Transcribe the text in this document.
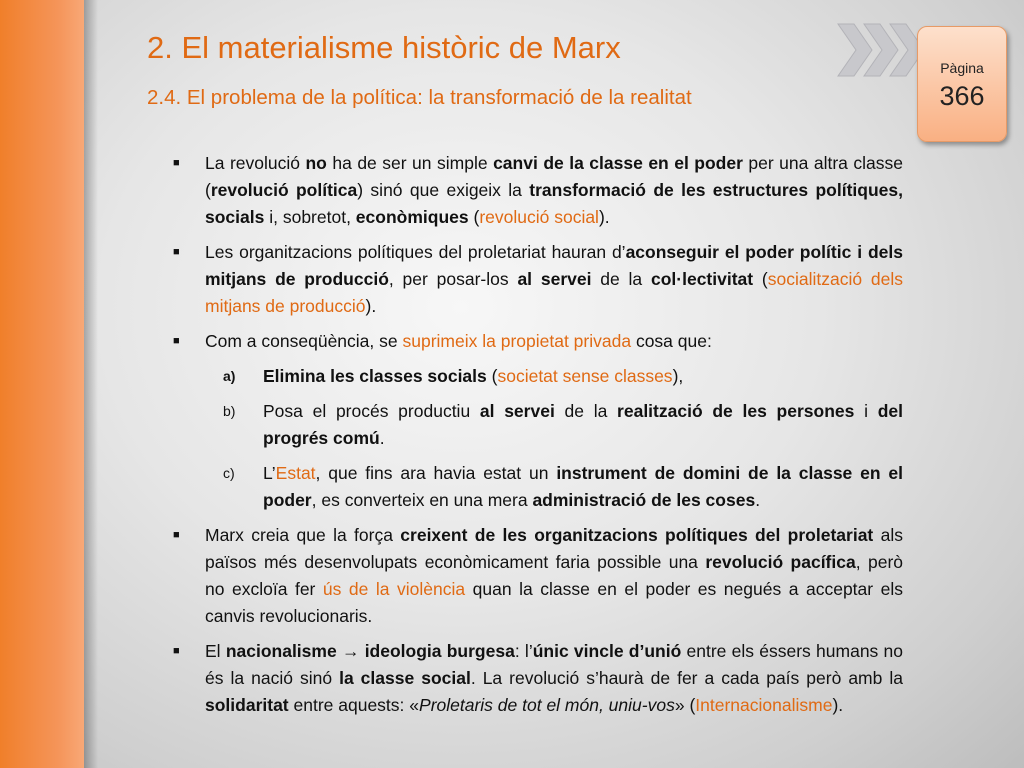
2. El materialisme històric de Marx
2.4. El problema de la política: la transformació de la realitat
Pàgina
366
■ La revolució no ha de ser un simple canvi de la classe en el poder per una altra classe (revolució política) sinó que exigeix la transformació de les estructures polítiques, socials i, sobretot, econòmiques (revolució social).

■ Les organitzacions polítiques del proletariat hauran d’aconseguir el poder polític i dels mitjans de producció, per posar-los al servei de la col·lectivitat (socialització dels mitjans de producció).

■ Com a conseqüència, se suprimeix la propietat privada cosa que:

a) Elimina les classes socials (societat sense classes),

b) Posa el procés productiu al servei de la realització de les persones i del progrés comú.

c) L’Estat, que fins ara havia estat un instrument de domini de la classe en el poder, es converteix en una mera administració de les coses.

■ Marx creia que la força creixent de les organitzacions polítiques del proletariat als països més desenvolupats econòmicament faria possible una revolució pacífica, però no excloïa fer ús de la violència quan la classe en el poder es negués a acceptar els canvis revolucionaris.

■ El nacionalisme → ideologia burgesa: l’únic vincle d’unió entre els éssers humans no és la nació sinó la classe social. La revolució s’haurà de fer a cada país però amb la solidaritat entre aquests: «Proletaris de tot el món, uniu-vos» (Internacionalisme).
